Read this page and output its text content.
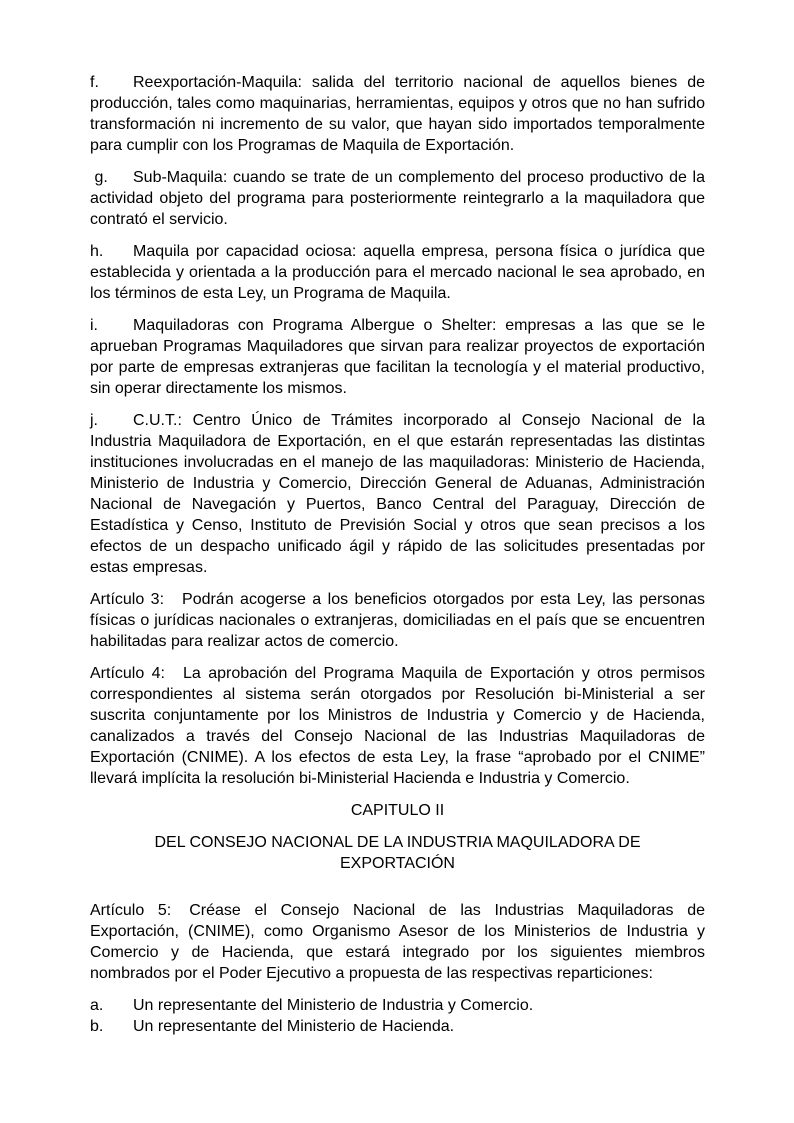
f. Reexportación-Maquila: salida del territorio nacional de aquellos bienes de producción, tales como maquinarias, herramientas, equipos y otros que no han sufrido transformación ni incremento de su valor, que hayan sido importados temporalmente para cumplir con los Programas de Maquila de Exportación.

g. Sub-Maquila: cuando se trate de un complemento del proceso productivo de la actividad objeto del programa para posteriormente reintegrarlo a la maquiladora que contrató el servicio.

h. Maquila por capacidad ociosa: aquella empresa, persona física o jurídica que establecida y orientada a la producción para el mercado nacional le sea aprobado, en los términos de esta Ley, un Programa de Maquila.

i. Maquiladoras con Programa Albergue o Shelter: empresas a las que se le aprueban Programas Maquiladores que sirvan para realizar proyectos de exportación por parte de empresas extranjeras que facilitan la tecnología y el material productivo, sin operar directamente los mismos.

j. C.U.T.: Centro Único de Trámites incorporado al Consejo Nacional de la Industria Maquiladora de Exportación, en el que estarán representadas las distintas instituciones involucradas en el manejo de las maquiladoras: Ministerio de Hacienda, Ministerio de Industria y Comercio, Dirección General de Aduanas, Administración Nacional de Navegación y Puertos, Banco Central del Paraguay, Dirección de Estadística y Censo, Instituto de Previsión Social y otros que sean precisos a los efectos de un despacho unificado ágil y rápido de las solicitudes presentadas por estas empresas.

Artículo 3: Podrán acogerse a los beneficios otorgados por esta Ley, las personas físicas o jurídicas nacionales o extranjeras, domiciliadas en el país que se encuentren habilitadas para realizar actos de comercio.

Artículo 4: La aprobación del Programa Maquila de Exportación y otros permisos correspondientes al sistema serán otorgados por Resolución bi-Ministerial a ser suscrita conjuntamente por los Ministros de Industria y Comercio y de Hacienda, canalizados a través del Consejo Nacional de las Industrias Maquiladoras de Exportación (CNIME). A los efectos de esta Ley, la frase “aprobado por el CNIME” llevará implícita la resolución bi-Ministerial Hacienda e Industria y Comercio.

CAPITULO II

DEL CONSEJO NACIONAL DE LA INDUSTRIA MAQUILADORA DE
EXPORTACIÓN

Artículo 5: Créase el Consejo Nacional de las Industrias Maquiladoras de Exportación, (CNIME), como Organismo Asesor de los Ministerios de Industria y Comercio y de Hacienda, que estará integrado por los siguientes miembros nombrados por el Poder Ejecutivo a propuesta de las respectivas reparticiones:

a. Un representante del Ministerio de Industria y Comercio.

b. Un representante del Ministerio de Hacienda.
